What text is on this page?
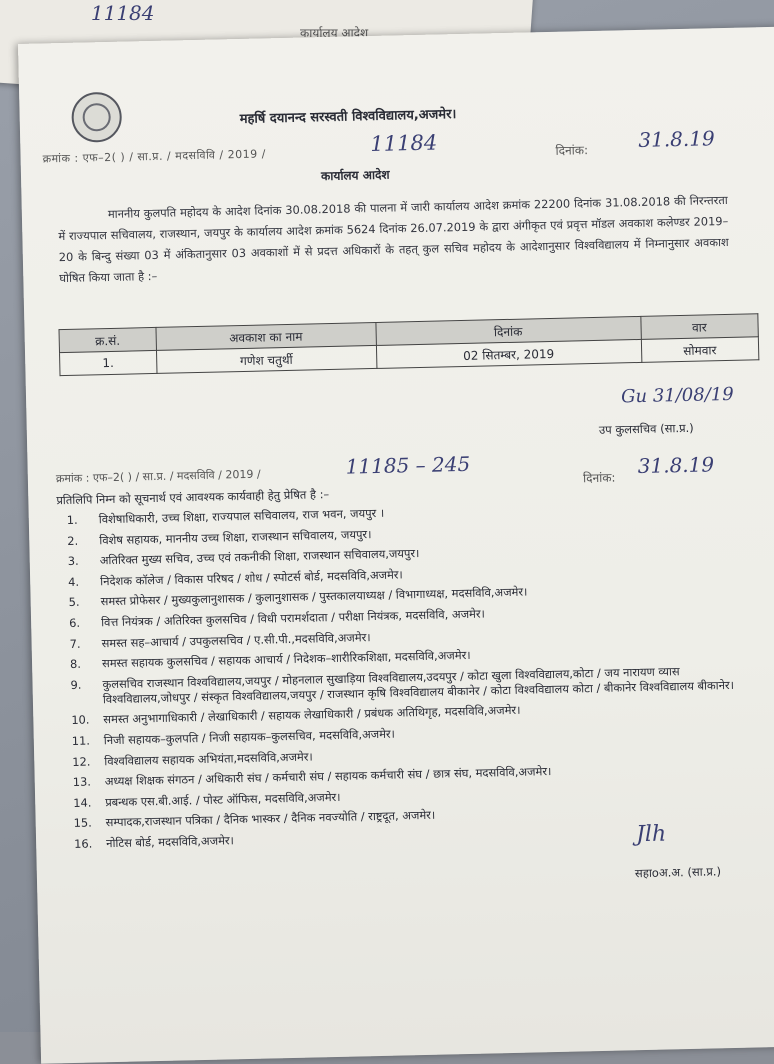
11184
कार्यालय आदेश
महर्षि दयानन्द सरस्वती विश्वविद्यालय,अजमेर।
क्रमांक : एफ–2( ) / सा.प्र. / मदसविवि / 2019 /
11184	दिनांक: 31.8.19
कार्यालय आदेश
माननीय कुलपति महोदय के आदेश दिनांक 30.08.2018 की पालना में जारी कार्यालय आदेश क्रमांक 22200 दिनांक 31.08.2018 की निरन्तरता में राज्यपाल सचिवालय, राजस्थान, जयपुर के कार्यालय आदेश क्रमांक 5624 दिनांक 26.07.2019 के द्वारा अंगीकृत एवं प्रवृत्त मॉडल अवकाश कलेण्डर 2019–20 के बिन्दु संख्या 03 में अंकितानुसार 03 अवकाशों में से प्रदत्त अधिकारों के तहत् कुल सचिव महोदय के आदेशानुसार विश्वविद्यालय में निम्नानुसार अवकाश घोषित किया जाता है :–
क्र.सं.	अवकाश का नाम	दिनांक	वार
1.	गणेश चतुर्थी	02 सितम्बर, 2019	सोमवार
Gu 31/08/19
उप कुलसचिव (सा.प्र.)
क्रमांक : एफ–2( ) / सा.प्र. / मदसविवि / 2019 /	11185 – 245	दिनांक: 31.8.19
प्रतिलिपि निम्न को सूचनार्थ एवं आवश्यक कार्यवाही हेतु प्रेषित है :–
1.	विशेषाधिकारी, उच्च शिक्षा, राज्यपाल सचिवालय, राज भवन, जयपुर ।
2.	विशेष सहायक, माननीय उच्च शिक्षा, राजस्थान सचिवालय, जयपुर।
3.	अतिरिक्त मुख्य सचिव, उच्च एवं तकनीकी शिक्षा, राजस्थान सचिवालय,जयपुर।
4.	निदेशक कॉलेज / विकास परिषद / शोध / स्पोटर्स बोर्ड, मदसविवि,अजमेर।
5.	समस्त प्रोफेसर / मुख्यकुलानुशासक / कुलानुशासक / पुस्तकालयाध्यक्ष / विभागाध्यक्ष, मदसविवि,अजमेर।
6.	वित्त नियंत्रक / अतिरिक्त कुलसचिव / विधी परामर्शदाता / परीक्षा नियंत्रक, मदसविवि, अजमेर।
7.	समस्त सह–आचार्य / उपकुलसचिव / ए.सी.पी.,मदसविवि,अजमेर।
8.	समस्त सहायक कुलसचिव / सहायक आचार्य / निदेशक–शारीरिकशिक्षा, मदसविवि,अजमेर।
9.	कुलसचिव राजस्थान विश्वविद्यालय,जयपुर / मोहनलाल सुखाड़िया विश्वविद्यालय,उदयपुर / कोटा खुला विश्वविद्यालय,कोटा / जय नारायण व्यास विश्वविद्यालय,जोधपुर / संस्कृत विश्वविद्यालय,जयपुर / राजस्थान कृषि विश्वविद्यालय बीकानेर / कोटा विश्वविद्यालय कोटा / बीकानेर विश्वविद्यालय बीकानेर।
10.	समस्त अनुभागाधिकारी / लेखाधिकारी / सहायक लेखाधिकारी / प्रबंधक अतिथिगृह, मदसविवि,अजमेर।
11.	निजी सहायक–कुलपति / निजी सहायक–कुलसचिव, मदसविवि,अजमेर।
12.	विश्वविद्यालय सहायक अभियंता,मदसविवि,अजमेर।
13.	अध्यक्ष शिक्षक संगठन / अधिकारी संघ / कर्मचारी संघ / सहायक कर्मचारी संघ / छात्र संघ, मदसविवि,अजमेर।
14.	प्रबन्धक एस.बी.आई. / पोस्ट ऑफिस, मदसविवि,अजमेर।
15.	सम्पादक,राजस्थान पत्रिका / दैनिक भास्कर / दैनिक नवज्योति / राष्ट्रदूत, अजमेर।
16.	नोटिस बोर्ड, मदसविवि,अजमेर।	Jlh
सहाoअ.अ. (सा.प्र.)
